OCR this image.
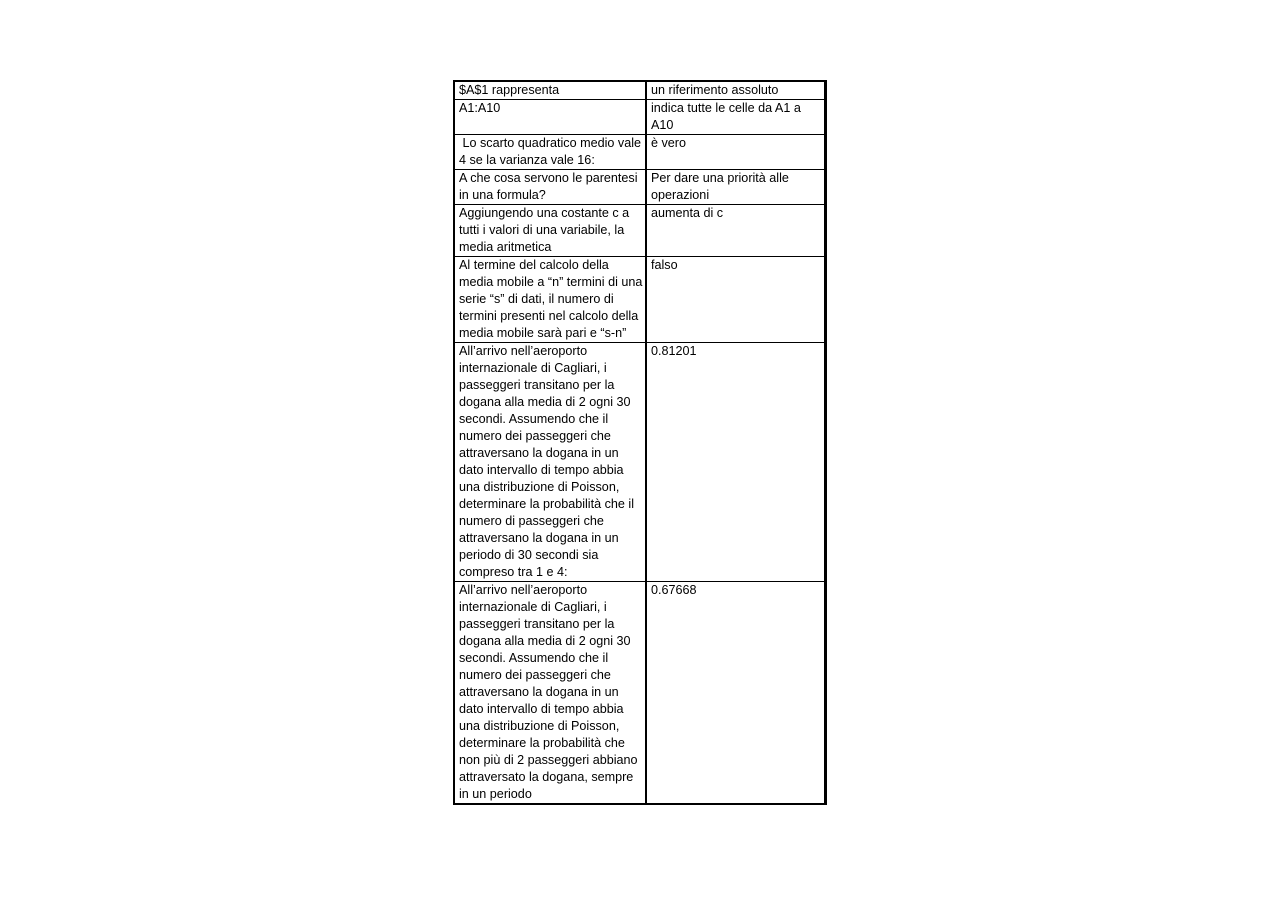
$A$1 rappresenta	un riferimento assoluto
A1:A10	indica tutte le celle da A1 a A10
Lo scarto quadratico medio vale 4 se la varianza vale 16:	è vero
A che cosa servono le parentesi in una formula?	Per dare una priorità alle operazioni
Aggiungendo una costante c a tutti i valori di una variabile, la media aritmetica	aumenta di c
Al termine del calcolo della media mobile a “n” termini di una serie “s” di dati, il numero di termini presenti nel calcolo della media mobile sarà pari e “s-n”	falso
All’arrivo nell’aeroporto internazionale di Cagliari, i passeggeri transitano per la dogana alla media di 2 ogni 30 secondi. Assumendo che il numero dei passeggeri che attraversano la dogana in un dato intervallo di tempo abbia una distribuzione di Poisson, determinare la probabilità che il numero di passeggeri che attraversano la dogana in un periodo di 30 secondi sia compreso tra 1 e 4:	0.81201
All’arrivo nell’aeroporto internazionale di Cagliari, i passeggeri transitano per la dogana alla media di 2 ogni 30 secondi. Assumendo che il numero dei passeggeri che attraversano la dogana in un dato intervallo di tempo abbia una distribuzione di Poisson, determinare la probabilità che non più di 2 passeggeri abbiano attraversato la dogana, sempre in un periodo	0.67668
